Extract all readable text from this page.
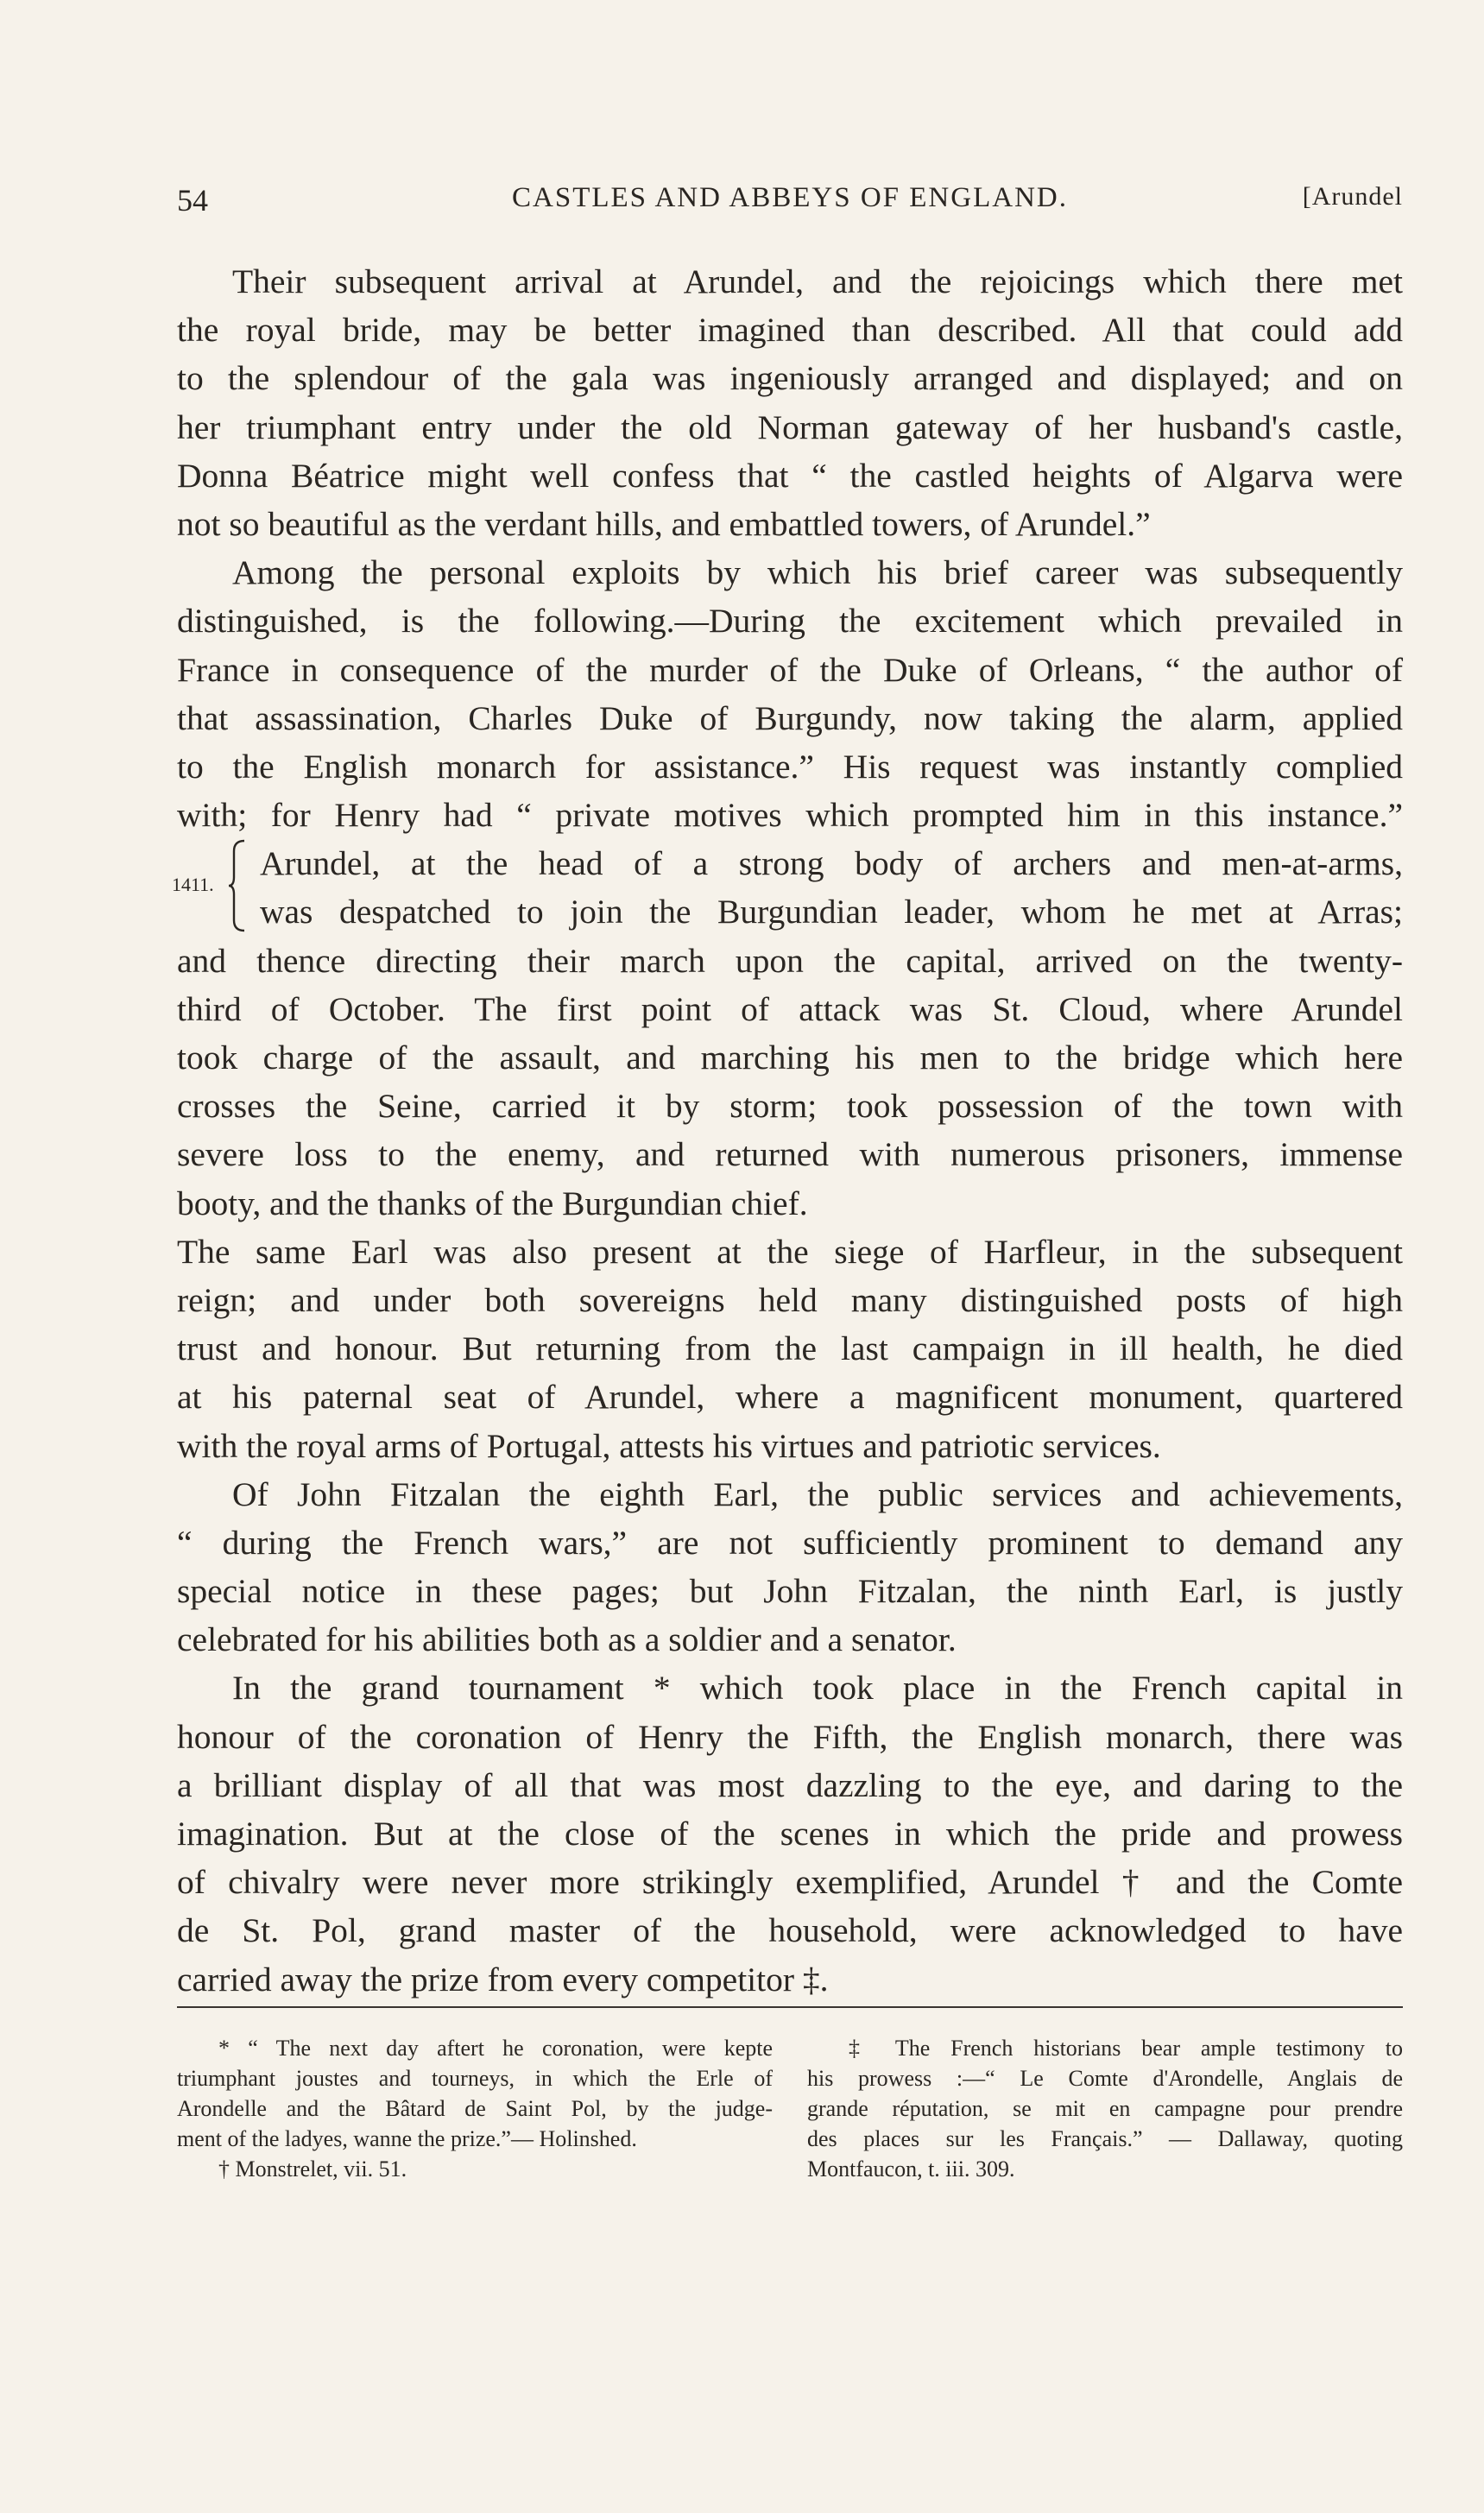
54	CASTLES AND ABBEYS OF ENGLAND.	[Arundel
Their subsequent arrival at Arundel, and the rejoicings which there met
the royal bride, may be better imagined than described. All that could add
to the splendour of the gala was ingeniously arranged and displayed; and on
her triumphant entry under the old Norman gateway of her husband's castle,
Donna Béatrice might well confess that “ the castled heights of Algarva were
not so beautiful as the verdant hills, and embattled towers, of Arundel.”
Among the personal exploits by which his brief career was subsequently
distinguished, is the following.—During the excitement which prevailed in
France in consequence of the murder of the Duke of Orleans, “ the author of
that assassination, Charles Duke of Burgundy, now taking the alarm, applied
to the English monarch for assistance.” His request was instantly complied
with; for Henry had “ private motives which prompted him in this instance.”
1411.
Arundel, at the head of a strong body of archers and men-at-arms,
was despatched to join the Burgundian leader, whom he met at Arras;
and thence directing their march upon the capital, arrived on the twenty-
third of October. The first point of attack was St. Cloud, where Arundel
took charge of the assault, and marching his men to the bridge which here
crosses the Seine, carried it by storm; took possession of the town with
severe loss to the enemy, and returned with numerous prisoners, immense
booty, and the thanks of the Burgundian chief.
The same Earl was also present at the siege of Harfleur, in the subsequent
reign; and under both sovereigns held many distinguished posts of high
trust and honour. But returning from the last campaign in ill health, he died
at his paternal seat of Arundel, where a magnificent monument, quartered
with the royal arms of Portugal, attests his virtues and patriotic services.
Of John Fitzalan the eighth Earl, the public services and achievements,
“ during the French wars,” are not sufficiently prominent to demand any
special notice in these pages; but John Fitzalan, the ninth Earl, is justly
celebrated for his abilities both as a soldier and a senator.
In the grand tournament * which took place in the French capital in
honour of the coronation of Henry the Fifth, the English monarch, there was
a brilliant display of all that was most dazzling to the eye, and daring to the
imagination. But at the close of the scenes in which the pride and prowess
of chivalry were never more strikingly exemplified, Arundel † and the Comte
de St. Pol, grand master of the household, were acknowledged to have
carried away the prize from every competitor ‡.
* “ The next day aftert he coronation, were kepte
triumphant joustes and tourneys, in which the Erle of
Arondelle and the Bâtard de Saint Pol, by the judge-
ment of the ladyes, wanne the prize.”— Holinshed.
† Monstrelet, vii. 51.
‡ The French historians bear ample testimony to
his prowess :—“ Le Comte d'Arondelle, Anglais de
grande réputation, se mit en campagne pour prendre
des places sur les Français.” — Dallaway, quoting
Montfaucon, t. iii. 309.
